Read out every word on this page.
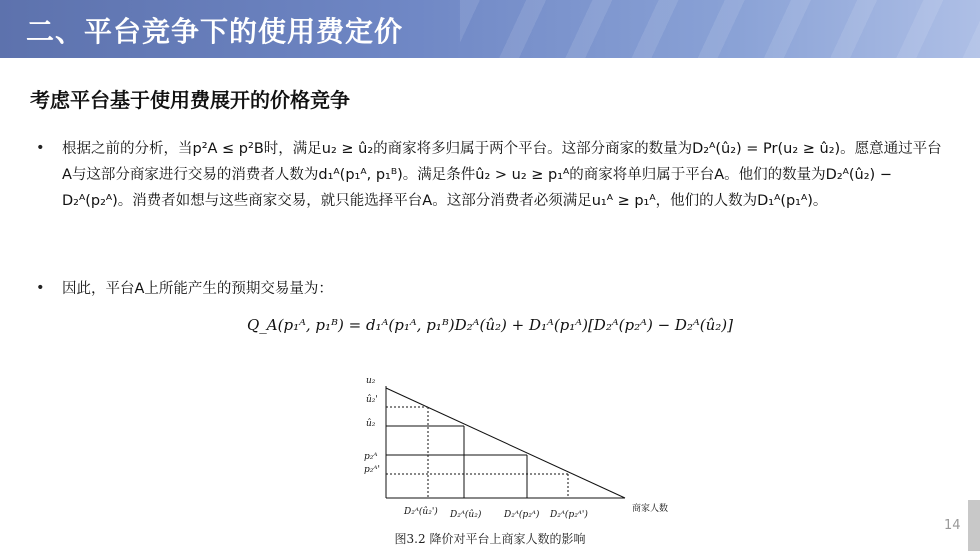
二、平台竞争下的使用费定价
考虑平台基于使用费展开的价格竞争
• 根据之前的分析，当p²A ≤ p²B时，满足u₂ ≥ û₂的商家将多归属于两个平台。这部分商家的数量为D₂ᴬ(û₂) = Pr(u₂ ≥ û₂)。愿意通过平台A与这部分商家进行交易的消费者人数为d₁ᴬ(p₁ᴬ, p₁ᴮ)。满足条件û₂ > u₂ ≥ p₁ᴬ的商家将单归属于平台A。他们的数量为D₂ᴬ(û₂) − D₂ᴬ(p₂ᴬ)。消费者如想与这些商家交易，就只能选择平台A。这部分消费者必须满足u₁ᴬ ≥ p₁ᴬ，他们的人数为D₁ᴬ(p₁ᴬ)。
• 因此，平台A上所能产生的预期交易量为：
Q_A(p₁ᴬ, p₁ᴮ) = d₁ᴬ(p₁ᴬ, p₁ᴮ)D₂ᴬ(û₂) + D₁ᴬ(p₁ᴬ)[D₂ᴬ(p₂ᴬ) − D₂ᴬ(û₂)]
u₂
û₂'
û₂
p₂ᴬ
p₂ᴬ'
D₂ᴬ(û₂') D₂ᴬ(û₂)	D₂ᴬ(p₂ᴬ) D₂ᴬ(p₂ᴬ')
商家人数
图3.2 降价对平台上商家人数的影响
14
